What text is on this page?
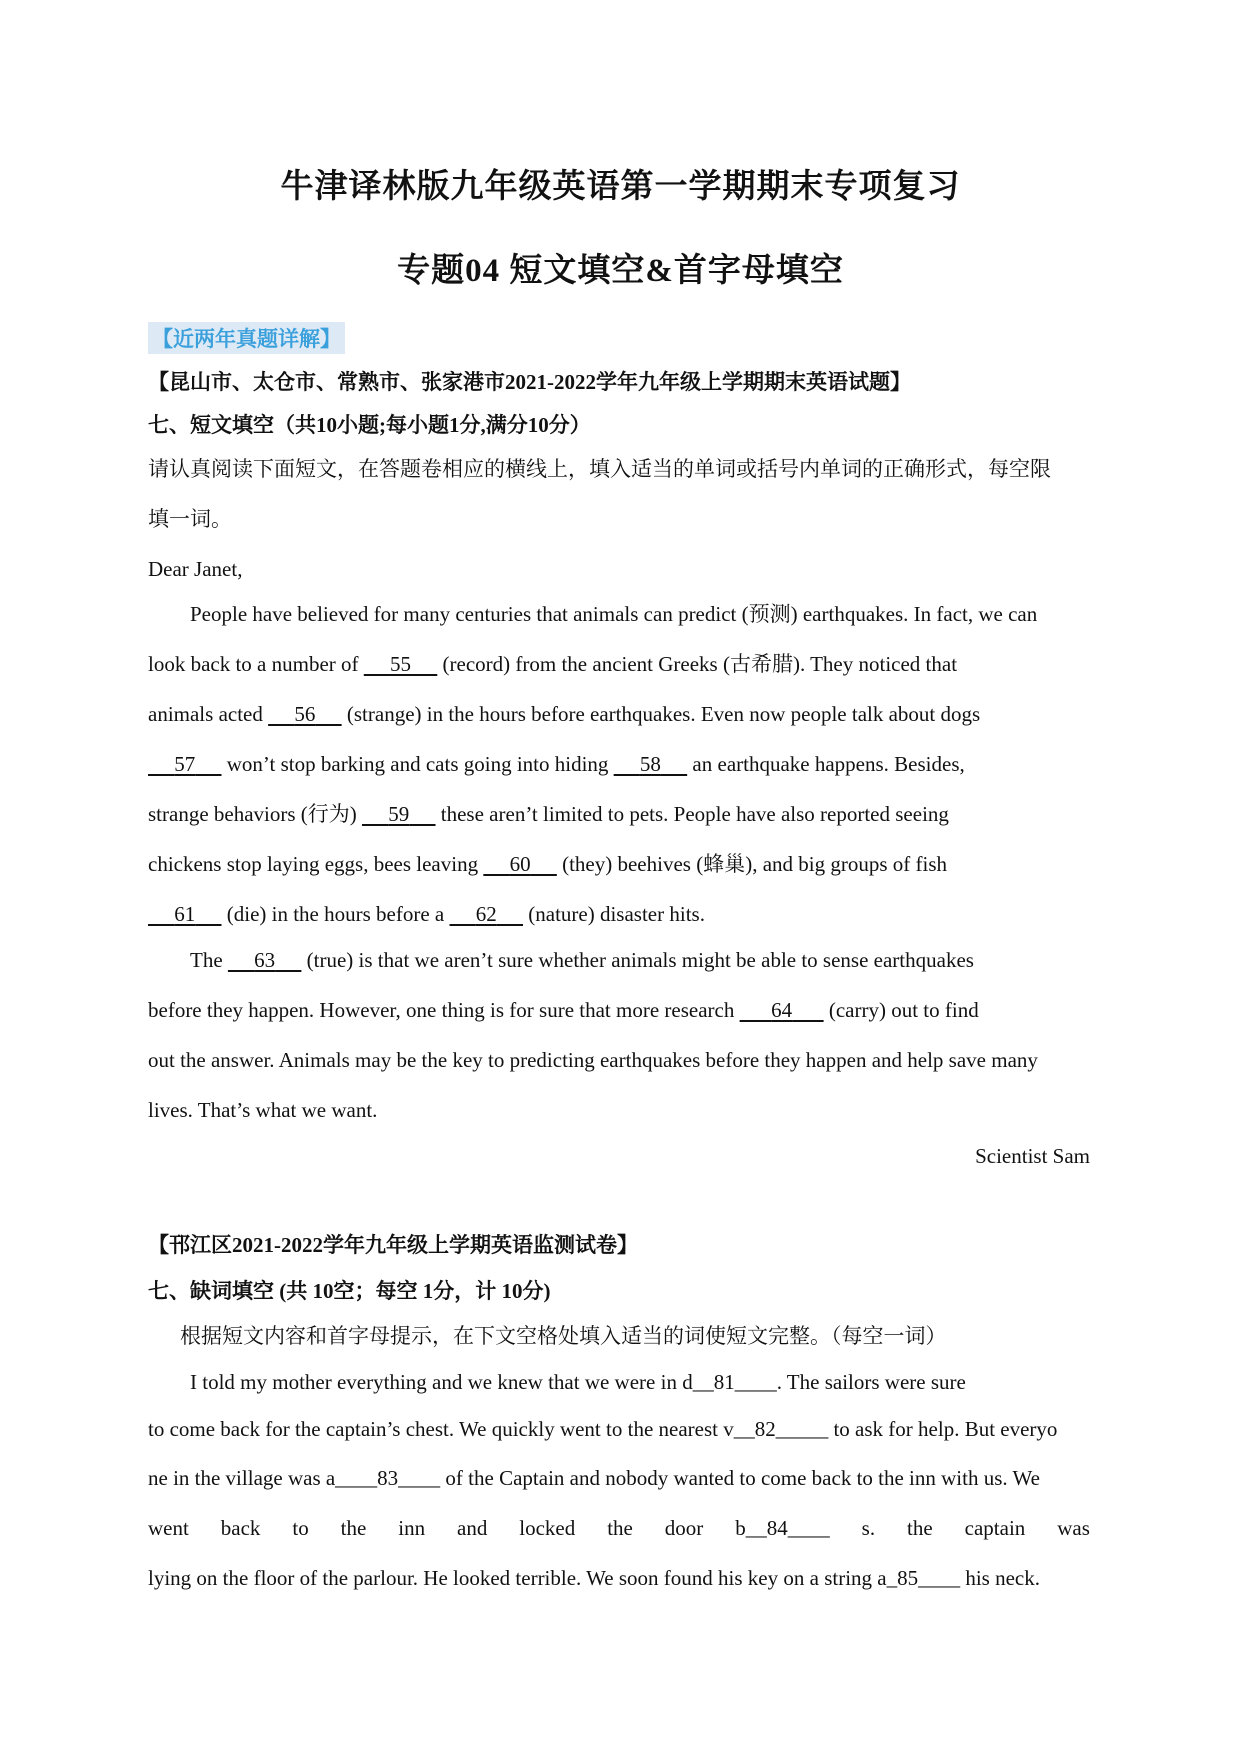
牛津译林版九年级英语第一学期期末专项复习
专题04 短文填空&首字母填空
【近两年真题详解】
【昆山市、太仓市、常熟市、张家港市2021-2022学年九年级上学期期末英语试题】
七、短文填空（共10小题;每小题1分,满分10分）
请认真阅读下面短文，在答题卷相应的横线上，填入适当的单词或括号内单词的正确形式，每空限
填一词。
Dear Janet,
People have believed for many centuries that animals can predict (预测) earthquakes. In fact, we can
look back to a number of      55      (record) from the ancient Greeks (古希腊). They noticed that
animals acted      56      (strange) in the hours before earthquakes. Even now people talk about dogs
57      won’t stop barking and cats going into hiding      58      an earthquake happens. Besides,
strange behaviors (行为)      59      these aren’t limited to pets. People have also reported seeing
chickens stop laying eggs, bees leaving      60      (they) beehives (蜂巢), and big groups of fish
61      (die) in the hours before a      62      (nature) disaster hits.
The      63      (true) is that we aren’t sure whether animals might be able to sense earthquakes
before they happen. However, one thing is for sure that more research       64       (carry) out to find
out the answer. Animals may be the key to predicting earthquakes before they happen and help save many
lives. That’s what we want.
Scientist Sam
【邗江区2021-2022学年九年级上学期英语监测试卷】
七、缺词填空 (共 10空；每空 1分，计 10分)
根据短文内容和首字母提示，在下文空格处填入适当的词使短文完整。（每空一词）
I told my mother everything and we knew that we were in d__81____. The sailors were sure
to come back for the captain’s chest. We quickly went to the nearest v__82_____ to ask for help. But everyo
ne in the village was a____83____ of the Captain and nobody wanted to come back to the inn with us. We
went back to the inn and locked the door b__84____ s. the captain was
lying on the floor of the parlour. He looked terrible. We soon found his key on a string a_85____ his neck.
